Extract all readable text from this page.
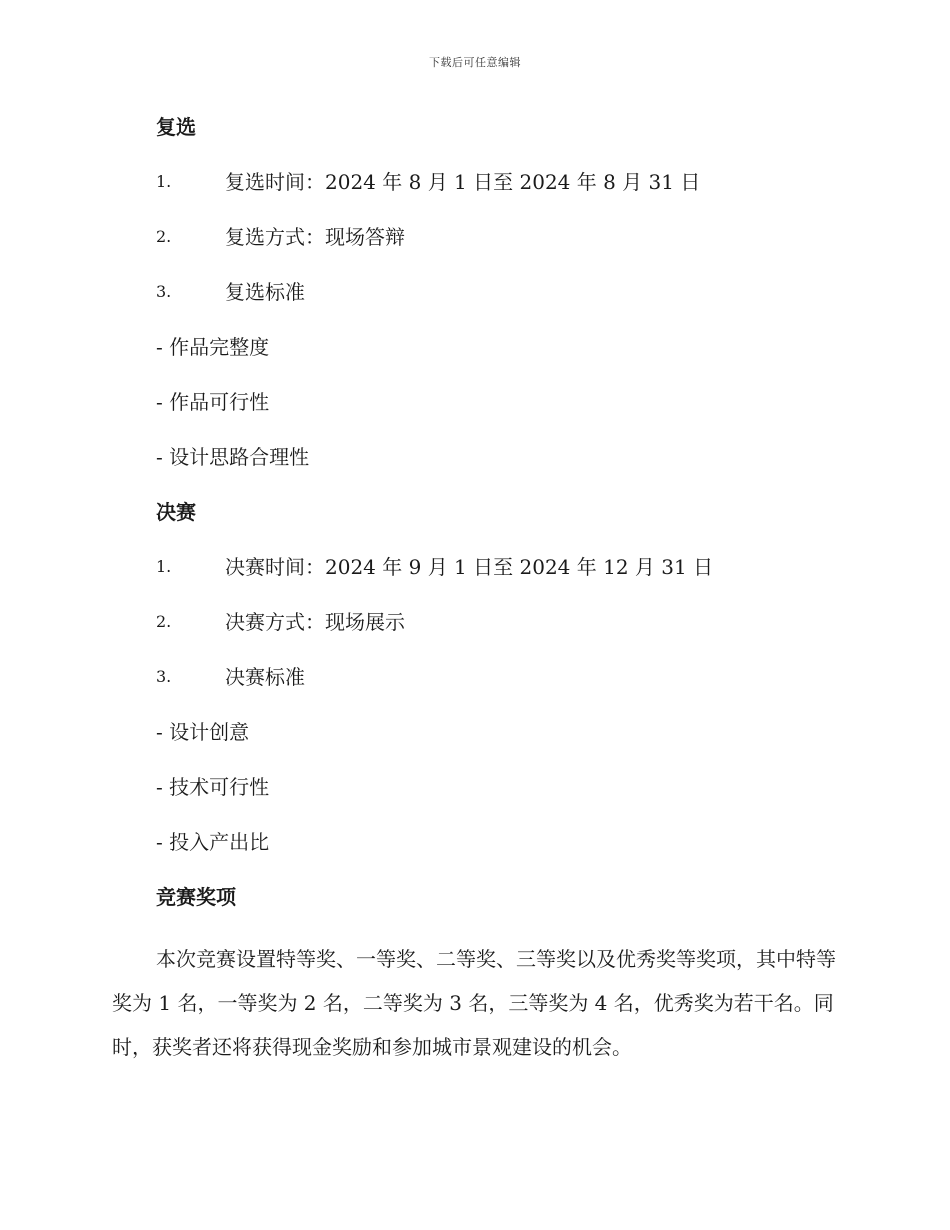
下载后可任意编辑
复选
1.	复选时间：2024 年 8 月 1 日至 2024 年 8 月 31 日
2.	复选方式：现场答辩
3.	复选标准
- 作品完整度
- 作品可行性
- 设计思路合理性
决赛
1.	决赛时间：2024 年 9 月 1 日至 2024 年 12 月 31 日
2.	决赛方式：现场展示
3.	决赛标准
- 设计创意
- 技术可行性
- 投入产出比
竞赛奖项

本次竞赛设置特等奖、一等奖、二等奖、三等奖以及优秀奖等奖项，其中特等奖为 1 名，一等奖为 2 名，二等奖为 3 名，三等奖为 4 名，优秀奖为若干名。同时，获奖者还将获得现金奖励和参加城市景观建设的机会。
